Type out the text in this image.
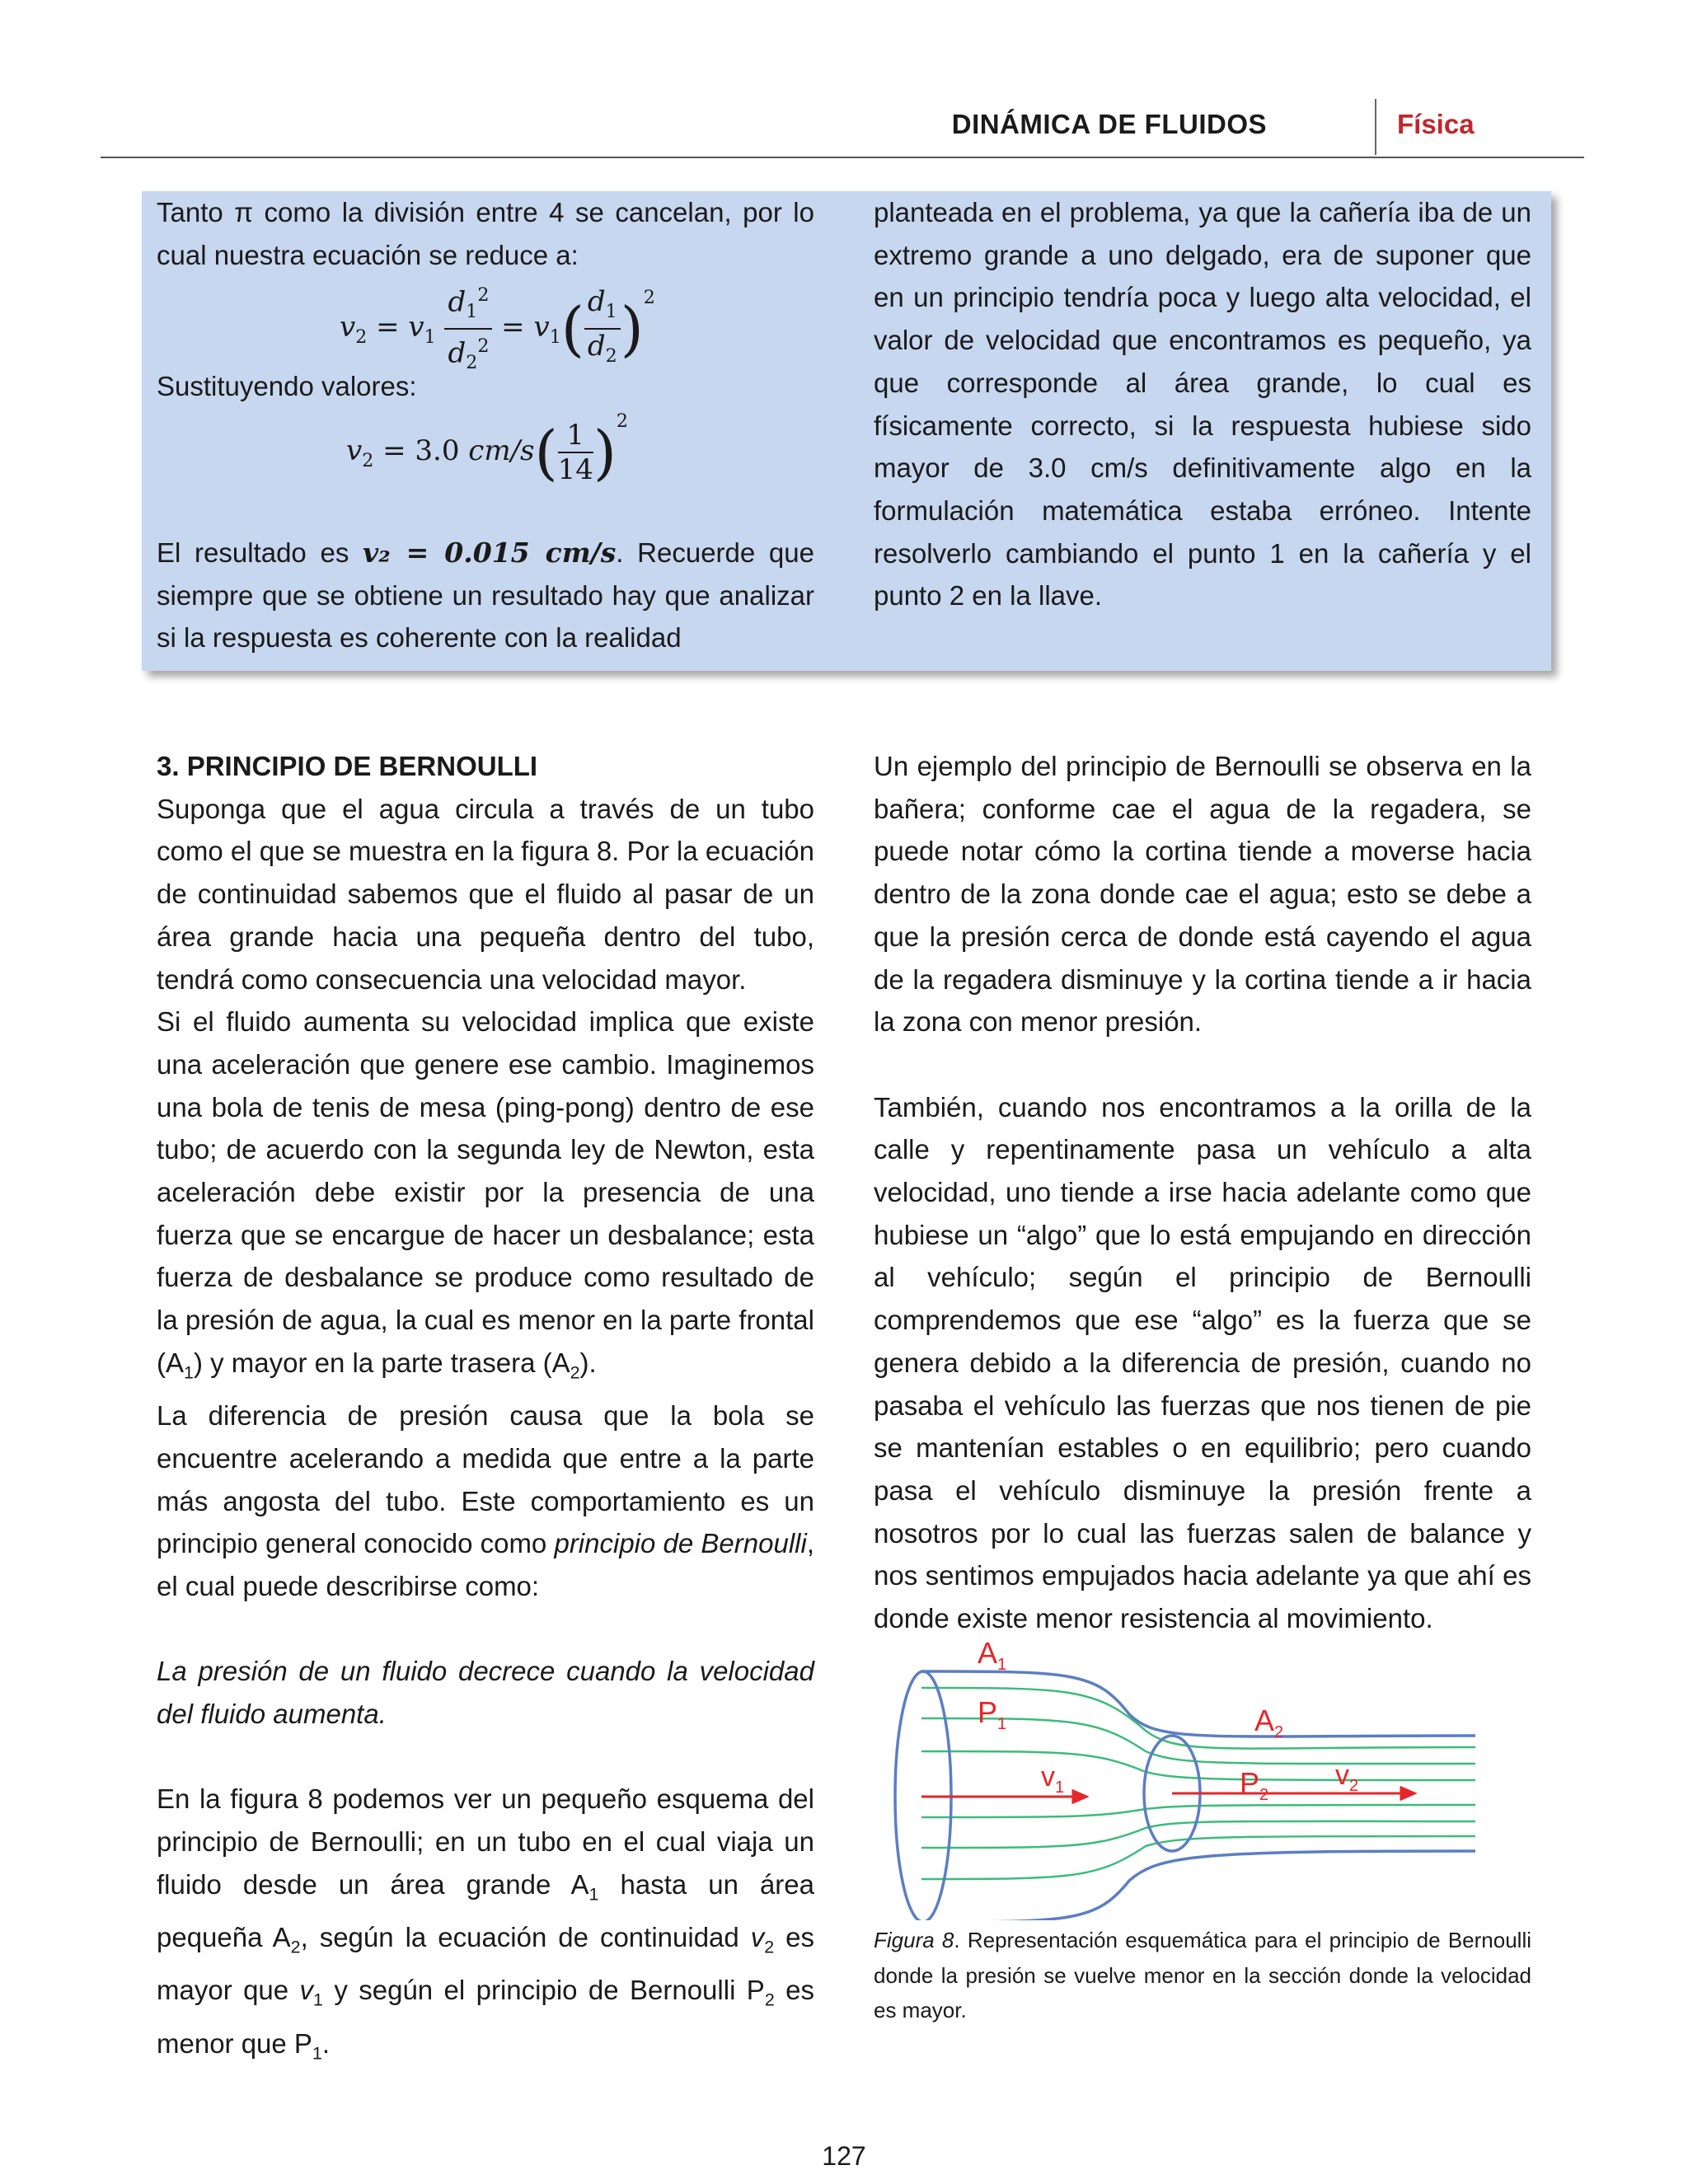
DINÁMICA DE FLUIDOS	Física

Tanto π como la división entre 4 se cancelan, por lo cual nuestra ecuación se reduce a:

$v_2 = v_1 \frac{d_1^2}{d_2^2} = v_1( \frac{d_1}{d_2} )^2$

Sustituyendo valores:

$v_2 = 3.0$ $cm/s( \frac{1}{14} )^2$

El resultado es v₂ = 0.015 cm/s. Recuerde que siempre que se obtiene un resultado hay que analizar si la respuesta es coherente con la realidad

planteada en el problema, ya que la cañería iba de un extremo grande a uno delgado, era de suponer que en un principio tendría poca y luego alta velocidad, el valor de velocidad que encontramos es pequeño, ya que corresponde al área grande, lo cual es físicamente correcto, si la respuesta hubiese sido mayor de 3.0 cm/s definitivamente algo en la formulación matemática estaba erróneo. Intente resolverlo cambiando el punto 1 en la cañería y el punto 2 en la llave.

3. PRINCIPIO DE BERNOULLI

Suponga que el agua circula a través de un tubo como el que se muestra en la figura 8. Por la ecuación de continuidad sabemos que el fluido al pasar de un área grande hacia una pequeña dentro del tubo, tendrá como consecuencia una velocidad mayor.

Si el fluido aumenta su velocidad implica que existe una aceleración que genere ese cambio. Imaginemos una bola de tenis de mesa (ping-pong) dentro de ese tubo; de acuerdo con la segunda ley de Newton, esta aceleración debe existir por la presencia de una fuerza que se encargue de hacer un desbalance; esta fuerza de desbalance se produce como resultado de la presión de agua, la cual es menor en la parte frontal $(A_1)$ y mayor en la parte trasera $(A_2)$.

La diferencia de presión causa que la bola se encuentre acelerando a medida que entre a la parte más angosta del tubo. Este comportamiento es un principio general conocido como principio de Bernoulli, el cual puede describirse como:

La presión de un fluido decrece cuando la velocidad del fluido aumenta.

En la figura 8 podemos ver un pequeño esquema del principio de Bernoulli; en un tubo en el cual viaja un fluido desde un área grande $A_1$ hasta un área pequeña $A_2$, según la ecuación de continuidad $v_2$ es mayor que $v_1$ y según el principio de Bernoulli $P_2$ es menor que $P_1$.

Un ejemplo del principio de Bernoulli se observa en la bañera; conforme cae el agua de la regadera, se puede notar cómo la cortina tiende a moverse hacia dentro de la zona donde cae el agua; esto se debe a que la presión cerca de donde está cayendo el agua de la regadera disminuye y la cortina tiende a ir hacia la zona con menor presión.

También, cuando nos encontramos a la orilla de la calle y repentinamente pasa un vehículo a alta velocidad, uno tiende a irse hacia adelante como que hubiese un “algo” que lo está empujando en dirección al vehículo; según el principio de Bernoulli comprendemos que ese “algo” es la fuerza que se genera debido a la diferencia de presión, cuando no pasaba el vehículo las fuerzas que nos tienen de pie se mantenían estables o en equilibrio; pero cuando pasa el vehículo disminuye la presión frente a nosotros por lo cual las fuerzas salen de balance y nos sentimos empujados hacia adelante ya que ahí es donde existe menor resistencia al movimiento.

$A_1$
$P_1$
$v_1$
$A_2$
$P_2$
$v_2$
Figura 8. Representación esquemática para el principio de Bernoulli donde la presión se vuelve menor en la sección donde la velocidad es mayor.
127
